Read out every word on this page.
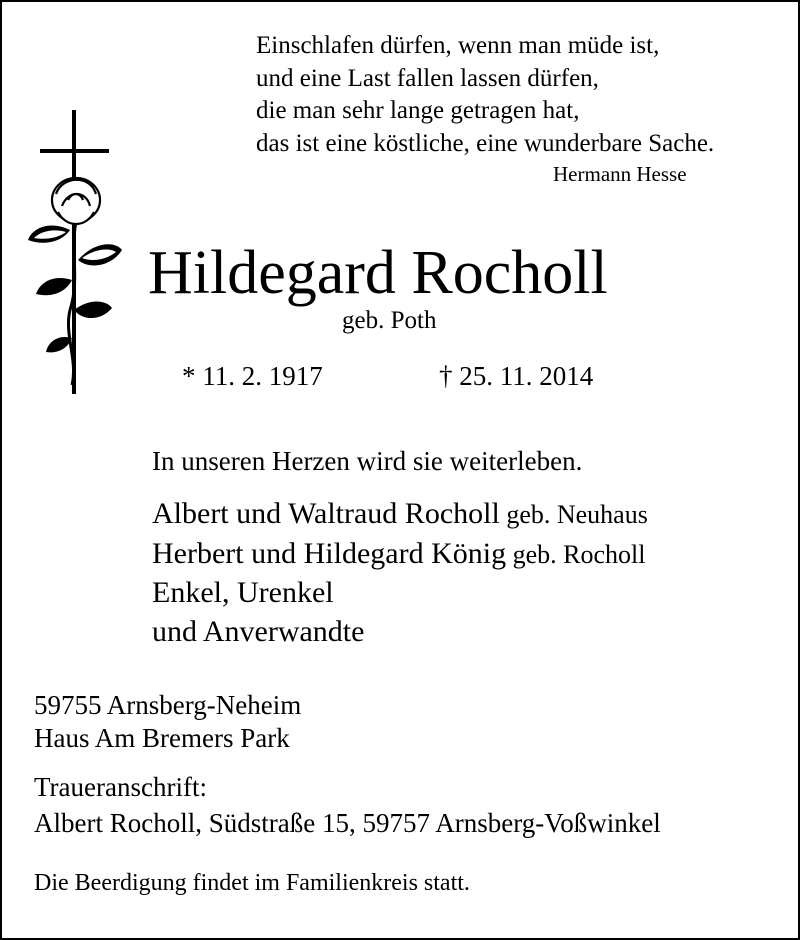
Einschlafen dürfen, wenn man müde ist,
und eine Last fallen lassen dürfen,
die man sehr lange getragen hat,
das ist eine köstliche, eine wunderbare Sache.
Hermann Hesse
Hildegard Rocholl
geb. Poth
* 11. 2. 1917	† 25. 11. 2014
In unseren Herzen wird sie weiterleben.
Albert und Waltraud Rocholl geb. Neuhaus
Herbert und Hildegard König geb. Rocholl
Enkel, Urenkel
und Anverwandte
59755 Arnsberg-Neheim
Haus Am Bremers Park
Traueranschrift:
Albert Rocholl, Südstraße 15, 59757 Arnsberg-Voßwinkel
Die Beerdigung findet im Familienkreis statt.
